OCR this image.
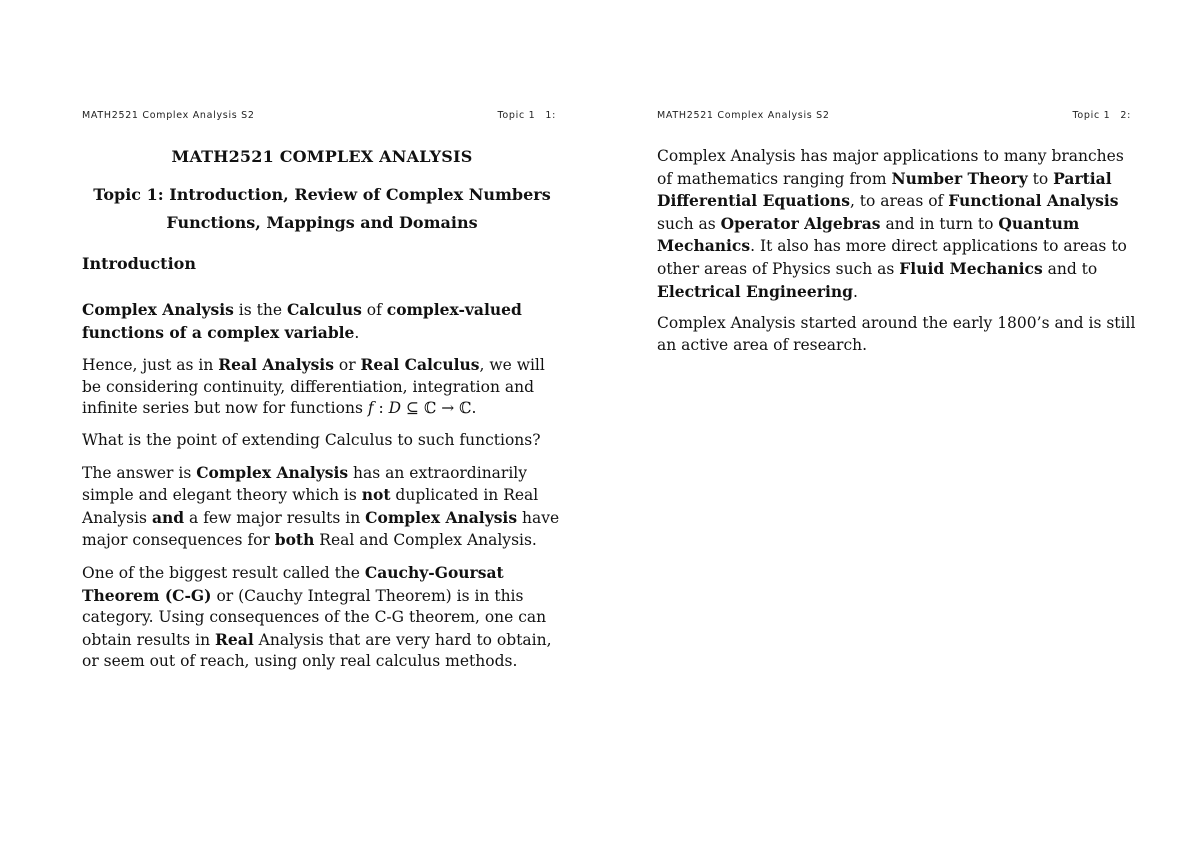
MATH2521 Complex Analysis S2	Topic 1 1:
MATH2521 COMPLEX ANALYSIS
Topic 1: Introduction, Review of Complex Numbers
Functions, Mappings and Domains
Introduction

Complex Analysis is the Calculus of complex-valued functions of a complex variable.

Hence, just as in Real Analysis or Real Calculus, we will be considering continuity, differentiation, integration and infinite series but now for functions f : D ⊆ ℂ → ℂ.

What is the point of extending Calculus to such functions?

The answer is Complex Analysis has an extraordinarily simple and elegant theory which is not duplicated in Real Analysis and a few major results in Complex Analysis have major consequences for both Real and Complex Analysis.

One of the biggest result called the Cauchy-Goursat Theorem (C-G) or (Cauchy Integral Theorem) is in this category. Using consequences of the C-G theorem, one can obtain results in Real Analysis that are very hard to obtain, or seem out of reach, using only real calculus methods.

MATH2521 Complex Analysis S2	Topic 1 2:

Complex Analysis has major applications to many branches of mathematics ranging from Number Theory to Partial Differential Equations, to areas of Functional Analysis such as Operator Algebras and in turn to Quantum Mechanics. It also has more direct applications to areas to other areas of Physics such as Fluid Mechanics and to Electrical Engineering.

Complex Analysis started around the early 1800’s and is still an active area of research.
